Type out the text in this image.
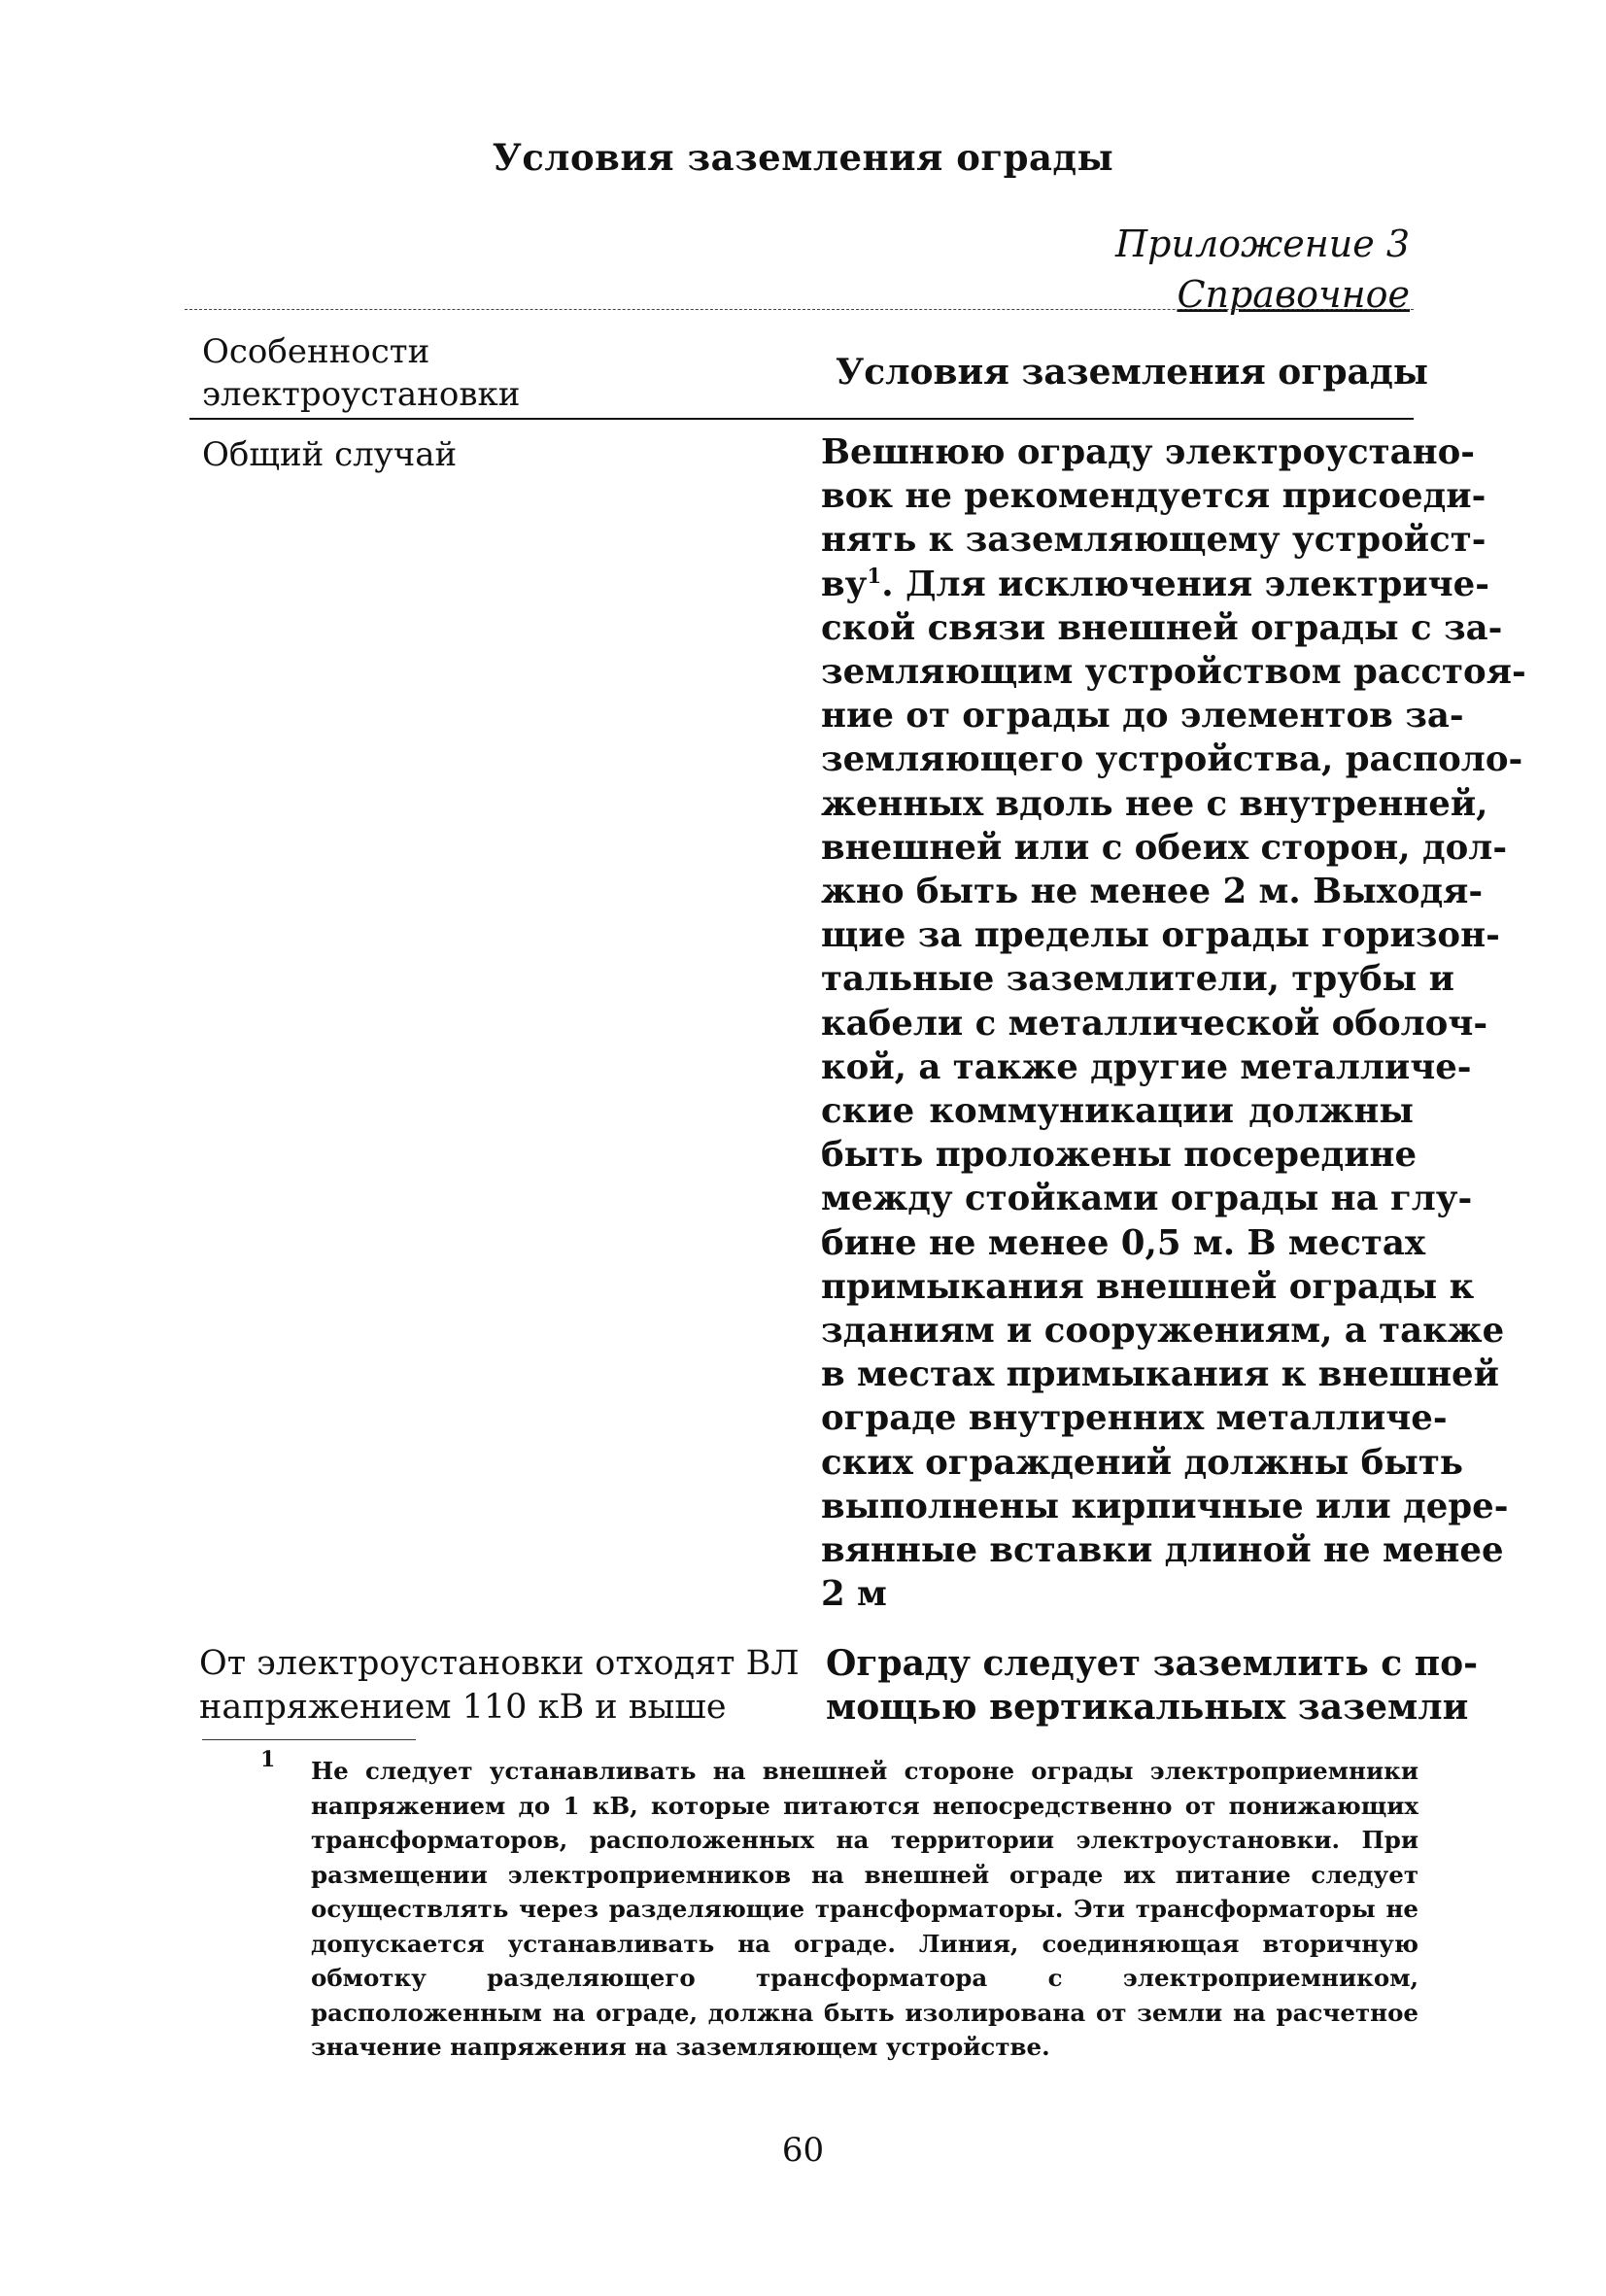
Условия заземления ограды
Приложение 3
Справочное
Особенности
электроустановки
Условия заземления ограды
Общий случай	Вешнюю ограду электроустано-
вок не рекомендуется присоеди-
нять к заземляющему устройст-
$ву^1$. Для исключения электриче-
ской связи внешней ограды с за-
земляющим устройством расстоя-
ние от ограды до элементов за-
земляющего устройства, располо-
женных вдоль нее с внутренней,
внешней или с обеих сторон, дол-
жно быть не менее 2 м. Выходя-
щие за пределы ограды горизон-
тальные заземлители, трубы и
кабели с металлической оболоч-
кой, а также другие металличе-
ские коммуникации должны
быть проложены посередине
между стойками ограды на глу-
бине не менее 0,5 м. В местах
примыкания внешней ограды к
зданиям и сооружениям, а также
в местах примыкания к внешней
ограде внутренних металличе-
ских ограждений должны быть
выполнены кирпичные или дере-
вянные вставки длиной не менее
2 м
От электроустановки отходят ВЛ
напряжением 110 кВ и выше
Ограду следует заземлить с по-
мощью вертикальных заземли
1 Не следует устанавливать на внешней стороне ограды электроприемники
напряжением до 1 кВ, которые питаются непосредственно от понижающих
трансформаторов, расположенных на территории электроустановки. При
размещении электроприемников на внешней ограде их питание следует
осуществлять через разделяющие трансформаторы. Эти трансформаторы не
допускается устанавливать на ограде. Линия, соединяющая вторичную
обмотку разделяющего трансформатора с электроприемником,
расположенным на ограде, должна быть изолирована от земли на расчетное
значение напряжения на заземляющем устройстве.
60
